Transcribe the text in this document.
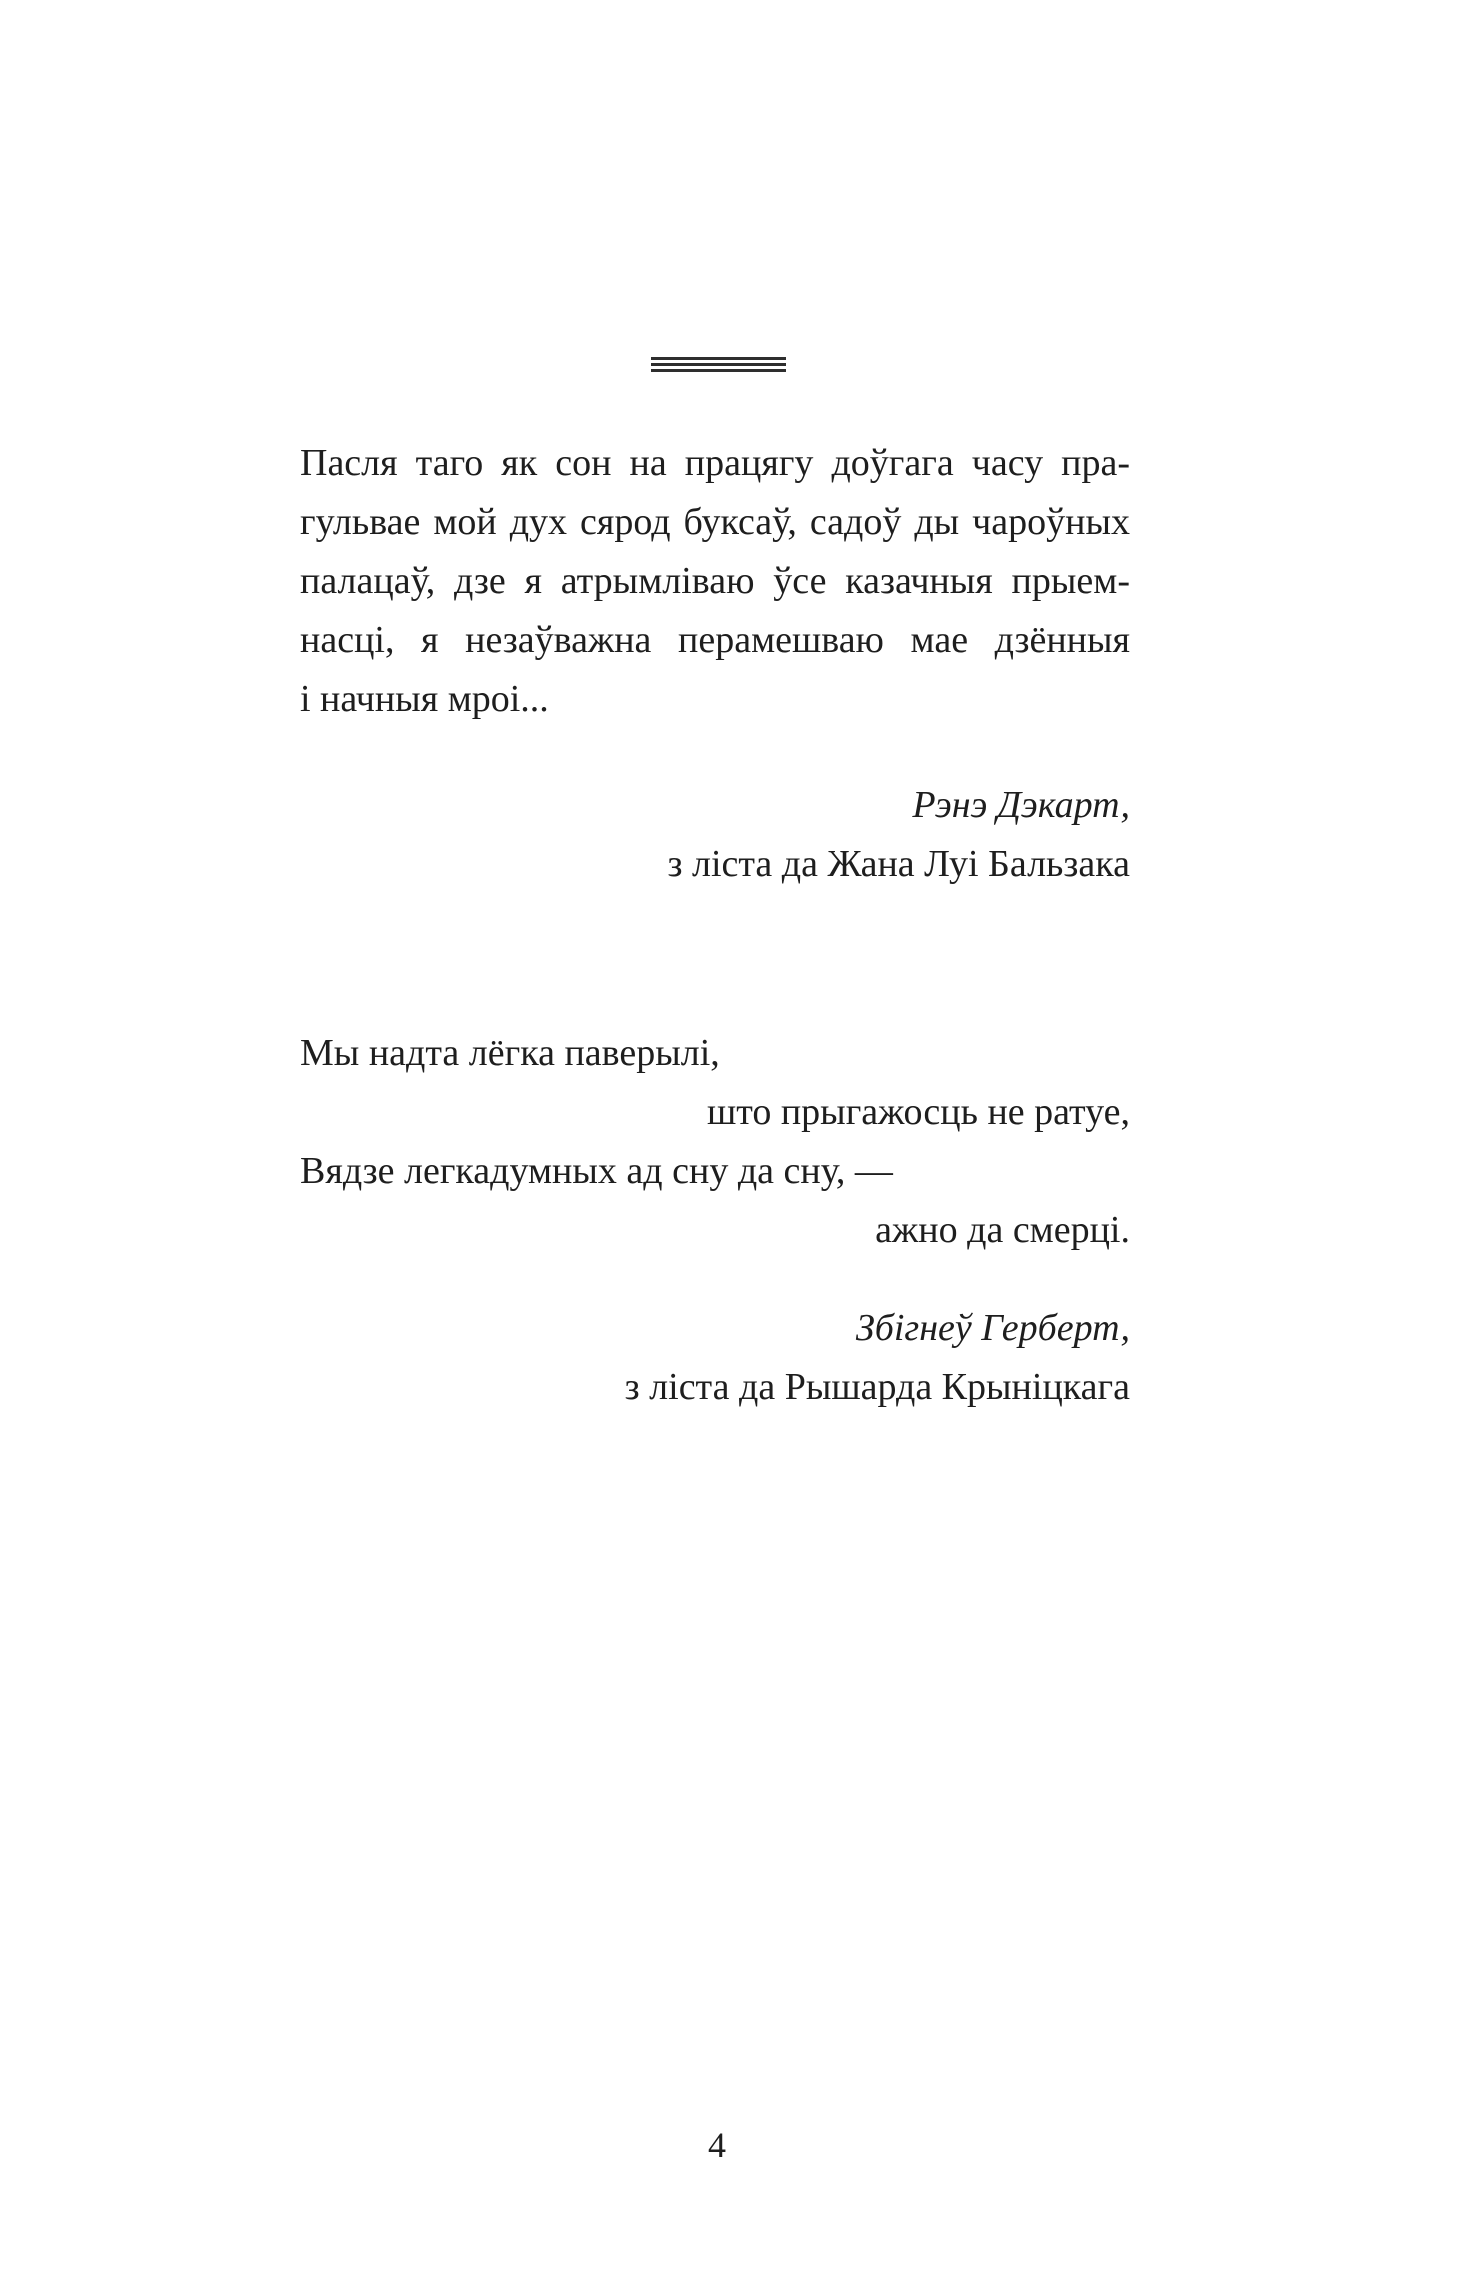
Пасля таго як сон на працягу доўгага часу пра-
гульвае мой дух сярод буксаў, садоў ды чароўных
палацаў, дзе я атрымліваю ўсе казачныя прыем-
насці, я незаўважна перамешваю мае дзённыя
і начныя мроі...
Рэнэ Дэкарт,
з ліста да Жана Луі Бальзака
Мы надта лёгка паверылі,
што прыгажосць не ратуе,
Вядзе легкадумных ад сну да сну, —
ажно да смерці.
Збігнеў Герберт,
з ліста да Рышарда Крыніцкага
4
